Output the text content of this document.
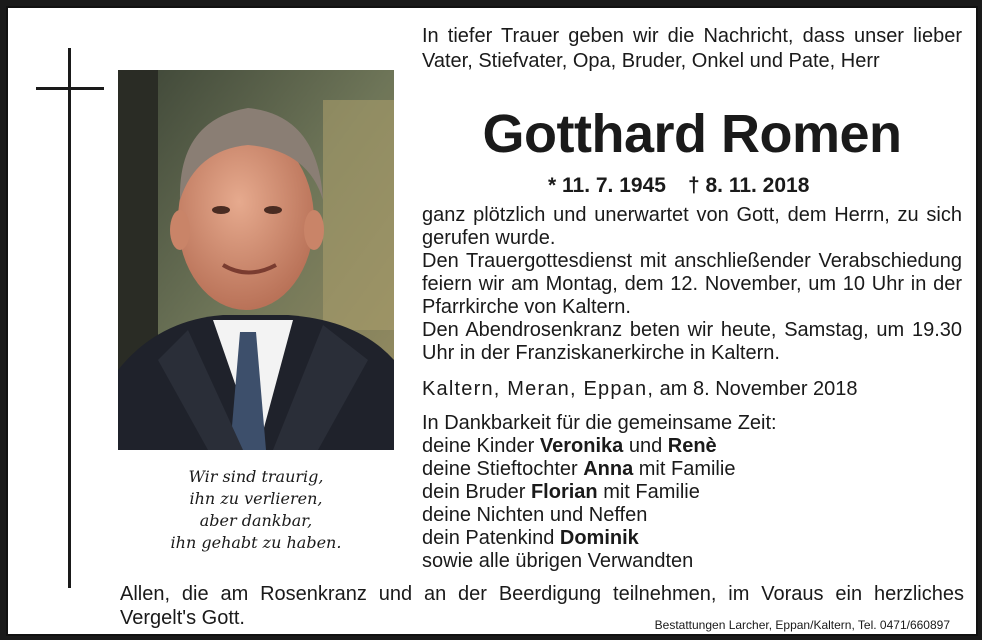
Wir sind traurig,
ihn zu verlieren,
aber dankbar,
ihn gehabt zu haben.
In tiefer Trauer geben wir die Nachricht, dass unser lieber Vater, Stiefvater, Opa, Bruder, Onkel und Pate, Herr
Gotthard Romen
* 11. 7. 1945 † 8. 11. 2018

ganz plötzlich und unerwartet von Gott, dem Herrn, zu sich gerufen wurde.

Den Trauergottesdienst mit anschließender Verabschiedung feiern wir am Montag, dem 12. November, um 10 Uhr in der Pfarrkirche von Kaltern.

Den Abendrosenkranz beten wir heute, Samstag, um 19.30 Uhr in der Franziskanerkirche in Kaltern.

Kaltern, Meran, Eppan, am 8. November 2018
In Dankbarkeit für die gemeinsame Zeit:
deine Kinder Veronika und Renè
deine Stieftochter Anna mit Familie
dein Bruder Florian mit Familie
deine Nichten und Neffen
dein Patenkind Dominik
sowie alle übrigen Verwandten
Allen, die am Rosenkranz und an der Beerdigung teilnehmen, im Voraus ein herzliches Vergelt's Gott.	Bestattungen Larcher, Eppan/Kaltern, Tel. 0471/660897
